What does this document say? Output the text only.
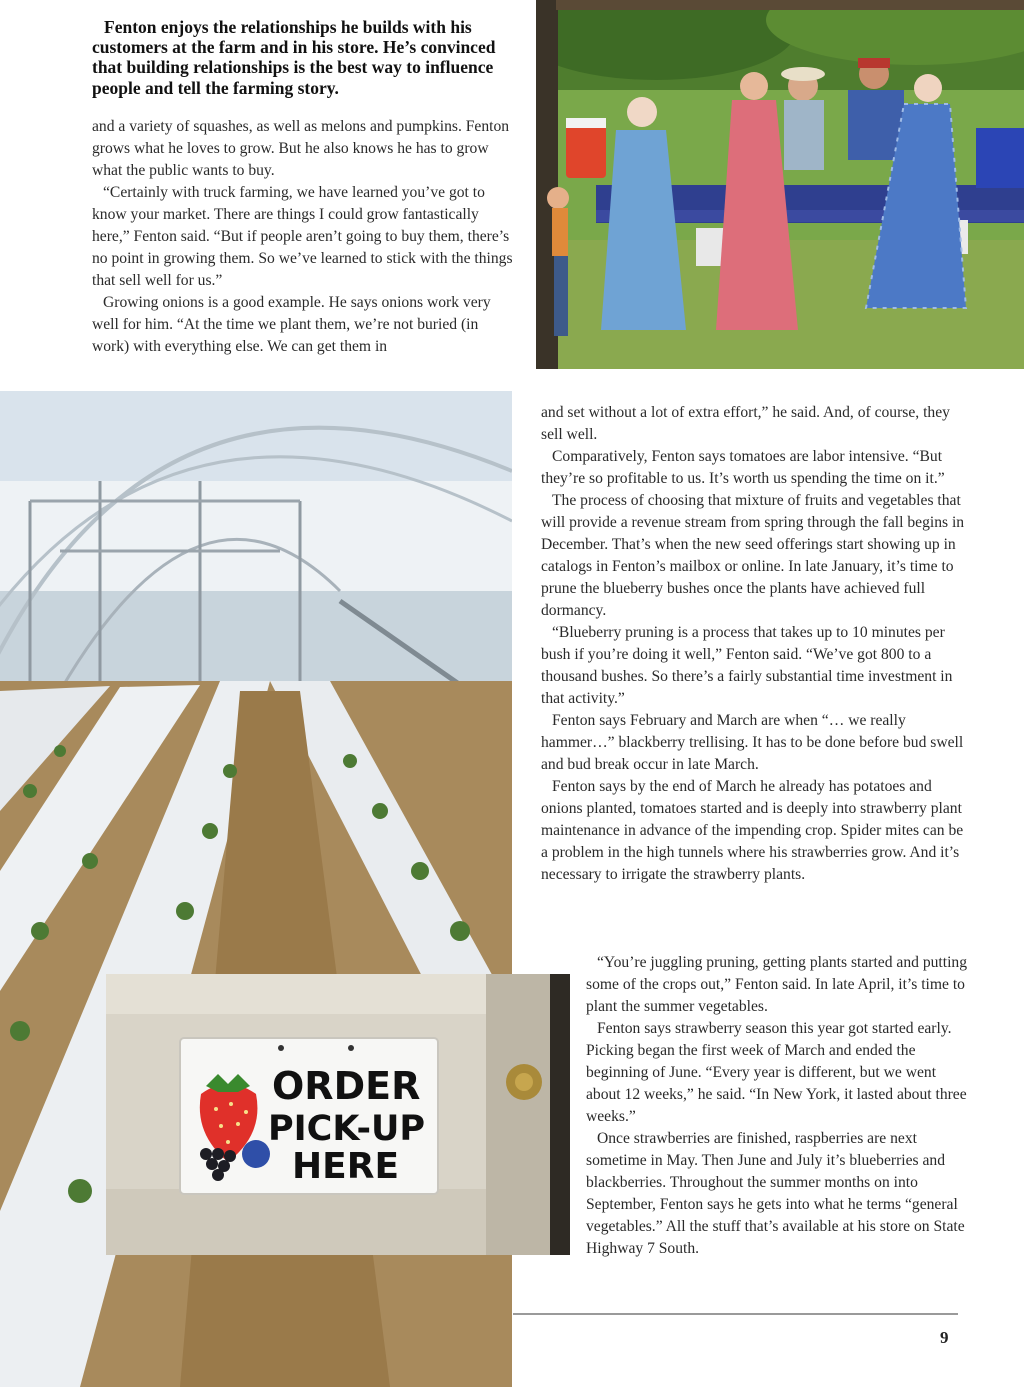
Fenton enjoys the relationships he builds with his customers at the farm and in his store. He’s convinced that building relationships is the best way to influence people and tell the farming story.

and a variety of squashes, as well as melons and pumpkins. Fenton grows what he loves to grow. But he also knows he has to grow what the public wants to buy.

“Certainly with truck farming, we have learned you’ve got to know your market. There are things I could grow fantastically here,” Fenton said. “But if people aren’t going to buy them, there’s no point in growing them. So we’ve learned to stick with the things that sell well for us.”

Growing onions is a good example. He says onions work very well for him. “At the time we plant them, we’re not buried (in work) with everything else. We can get them in

ORDER
PICK-UP
HERE

and set without a lot of extra effort,” he said. And, of course, they sell well.

Comparatively, Fenton says tomatoes are labor intensive. “But they’re so profitable to us. It’s worth us spending the time on it.”

The process of choosing that mixture of fruits and vegetables that will provide a revenue stream from spring through the fall begins in December. That’s when the new seed offerings start showing up in catalogs in Fenton’s mailbox or online. In late January, it’s time to prune the blueberry bushes once the plants have achieved full dormancy.

“Blueberry pruning is a process that takes up to 10 minutes per bush if you’re doing it well,” Fenton said. “We’ve got 800 to a thousand bushes. So there’s a fairly substantial time investment in that activity.”

Fenton says February and March are when “… we really hammer…” blackberry trellising. It has to be done before bud swell and bud break occur in late March.

Fenton says by the end of March he already has potatoes and onions planted, tomatoes started and is deeply into strawberry plant maintenance in advance of the impending crop. Spider mites can be a problem in the high tunnels where his strawberries grow. And it’s necessary to irrigate the strawberry plants.

“You’re juggling pruning, getting plants started and putting some of the crops out,” Fenton said. In late April, it’s time to plant the summer vegetables.

Fenton says strawberry season this year got started early. Picking began the first week of March and ended the beginning of June. “Every year is different, but we went about 12 weeks,” he said. “In New York, it lasted about three weeks.”

Once strawberries are finished, raspberries are next sometime in May. Then June and July it’s blueberries and blackberries. Throughout the summer months on into September, Fenton says he gets into what he terms “general vegetables.” All the stuff that’s available at his store on State Highway 7 South.

9
